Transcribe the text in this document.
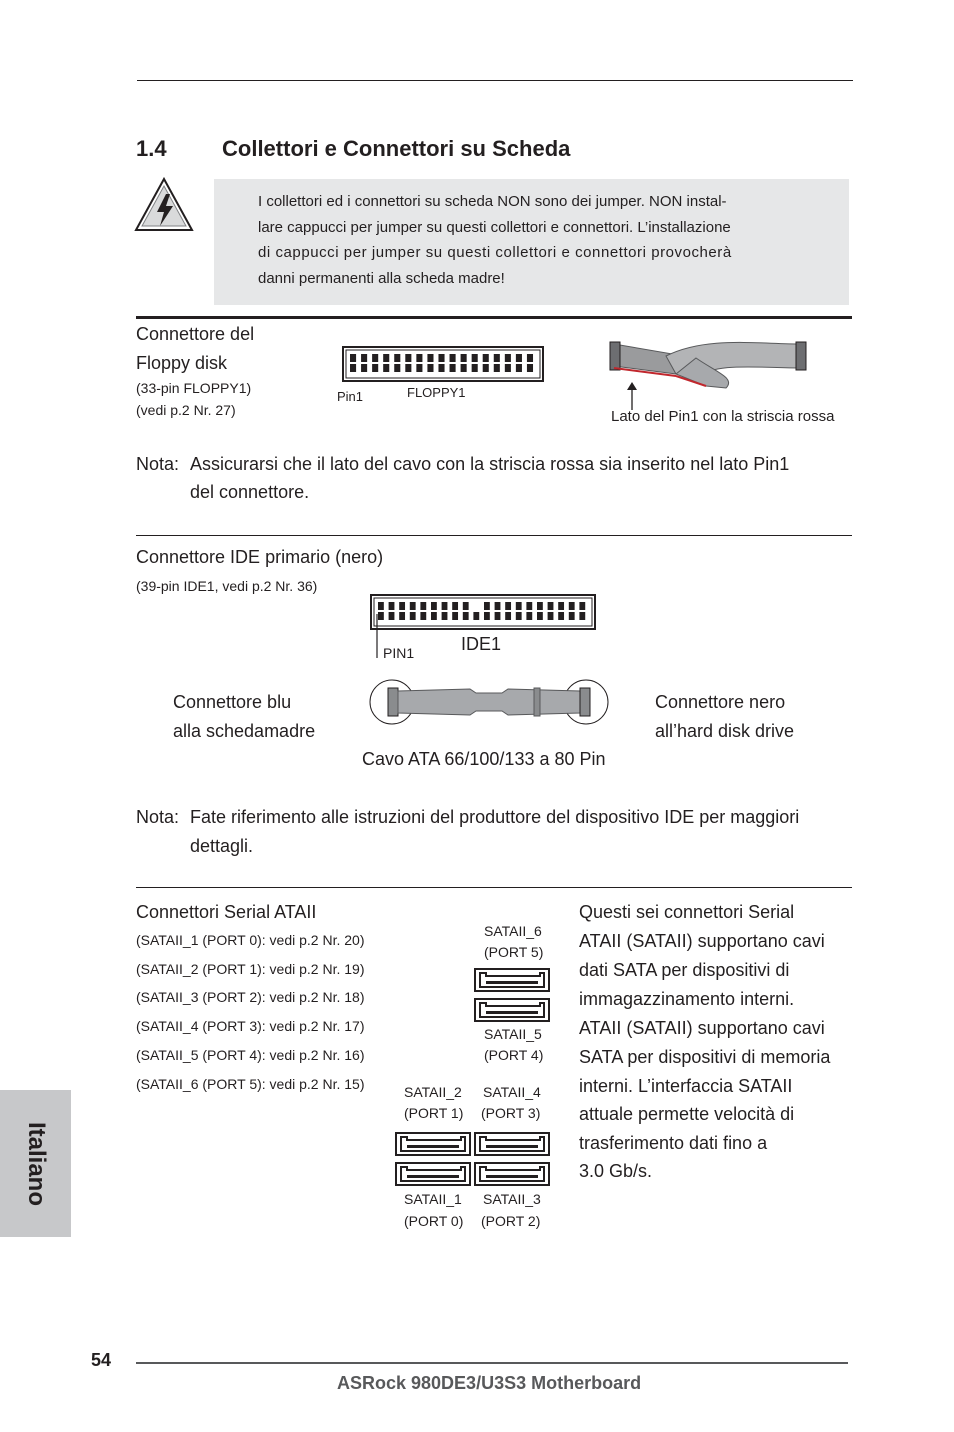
1.4	Collettori e Connettori su Scheda
I collettori ed i connettori su scheda NON sono dei jumper. NON instal-
lare cappucci per jumper su questi collettori e connettori. L’installazione
di cappucci per jumper su questi collettori e connettori provocherà
danni permanenti alla scheda madre!
Connettore del
Floppy disk
(33-pin FLOPPY1)
(vedi p.2 Nr. 27)
Pin1	FLOPPY1
Lato del Pin1 con la striscia rossa
Nota: Assicurarsi che il lato del cavo con la striscia rossa sia inserito nel lato Pin1
del connettore.
Connettore IDE primario (nero)
(39-pin IDE1, vedi p.2 Nr. 36)
PIN1	IDE1
Connettore blu
alla schedamadre
Connettore nero
all’hard disk drive
Cavo ATA 66/100/133 a 80 Pin
Nota: Fate riferimento alle istruzioni del produttore del dispositivo IDE per maggiori
dettagli.
Connettori Serial ATAII
(SATAII_1 (PORT 0): vedi p.2 Nr. 20)
(SATAII_2 (PORT 1): vedi p.2 Nr. 19)
(SATAII_3 (PORT 2): vedi p.2 Nr. 18)
(SATAII_4 (PORT 3): vedi p.2 Nr. 17)
(SATAII_5 (PORT 4): vedi p.2 Nr. 16)
(SATAII_6 (PORT 5): vedi p.2 Nr. 15)
SATAII_6
(PORT 5)
SATAII_5
(PORT 4)
SATAII_2
(PORT 1)
SATAII_4
(PORT 3)
SATAII_1
(PORT 0)
SATAII_3
(PORT 2)
Questi sei connettori Serial
ATAII (SATAII) supportano cavi
dati SATA per dispositivi di
immagazzinamento interni.
ATAII (SATAII) supportano cavi
SATA per dispositivi di memoria
interni. L’interfaccia SATAII
attuale permette velocità di
trasferimento dati fino a
3.0 Gb/s.
Italiano
54
ASRock 980DE3/U3S3 Motherboard
